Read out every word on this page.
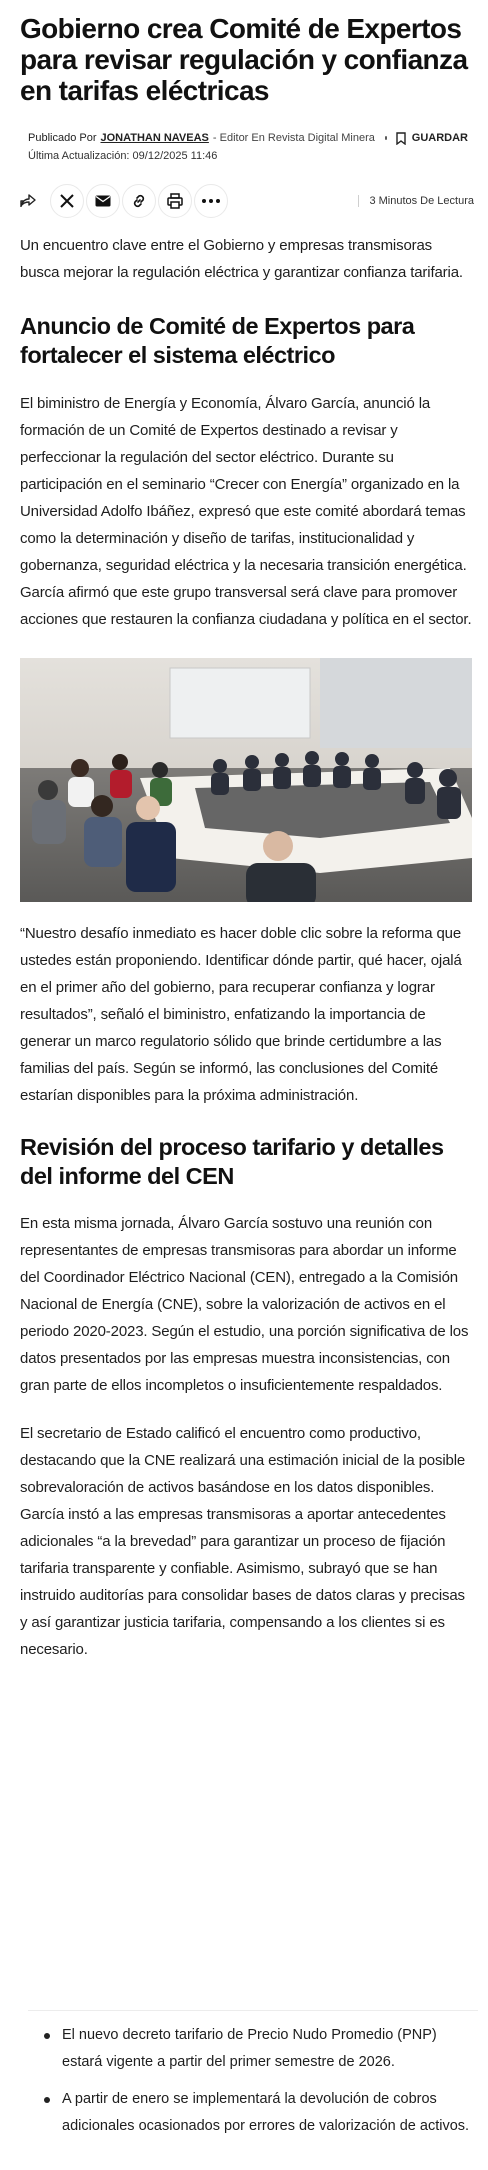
Gobierno crea Comité de Expertos para revisar regulación y confianza en tarifas eléctricas
Publicado Por JONATHAN NAVEAS - Editor En Revista Digital Minera	GUARDAR
Última Actualización: 09/12/2025 11:46
3 Minutos De Lectura

Un encuentro clave entre el Gobierno y empresas transmisoras busca mejorar la regulación eléctrica y garantizar confianza tarifaria.

Anuncio de Comité de Expertos para fortalecer el sistema eléctrico

El biministro de Energía y Economía, Álvaro García, anunció la formación de un Comité de Expertos destinado a revisar y perfeccionar la regulación del sector eléctrico. Durante su participación en el seminario “Crecer con Energía” organizado en la Universidad Adolfo Ibáñez, expresó que este comité abordará temas como la determinación y diseño de tarifas, institucionalidad y gobernanza, seguridad eléctrica y la necesaria transición energética. García afirmó que este grupo transversal será clave para promover acciones que restauren la confianza ciudadana y política en el sector.

“Nuestro desafío inmediato es hacer doble clic sobre la reforma que ustedes están proponiendo. Identificar dónde partir, qué hacer, ojalá en el primer año del gobierno, para recuperar confianza y lograr resultados”, señaló el biministro, enfatizando la importancia de generar un marco regulatorio sólido que brinde certidumbre a las familias del país. Según se informó, las conclusiones del Comité estarían disponibles para la próxima administración.

Revisión del proceso tarifario y detalles del informe del CEN

En esta misma jornada, Álvaro García sostuvo una reunión con representantes de empresas transmisoras para abordar un informe del Coordinador Eléctrico Nacional (CEN), entregado a la Comisión Nacional de Energía (CNE), sobre la valorización de activos en el periodo 2020-2023. Según el estudio, una porción significativa de los datos presentados por las empresas muestra inconsistencias, con gran parte de ellos incompletos o insuficientemente respaldados.

El secretario de Estado calificó el encuentro como productivo, destacando que la CNE realizará una estimación inicial de la posible sobrevaloración de activos basándose en los datos disponibles. García instó a las empresas transmisoras a aportar antecedentes adicionales “a la brevedad” para garantizar un proceso de fijación tarifaria transparente y confiable. Asimismo, subrayó que se han instruido auditorías para consolidar bases de datos claras y precisas y así garantizar justicia tarifaria, compensando a los clientes si es necesario.

El nuevo decreto tarifario de Precio Nudo Promedio (PNP) estará vigente a partir del primer semestre de 2026.
A partir de enero se implementará la devolución de cobros adicionales ocasionados por errores de valorización de activos.
